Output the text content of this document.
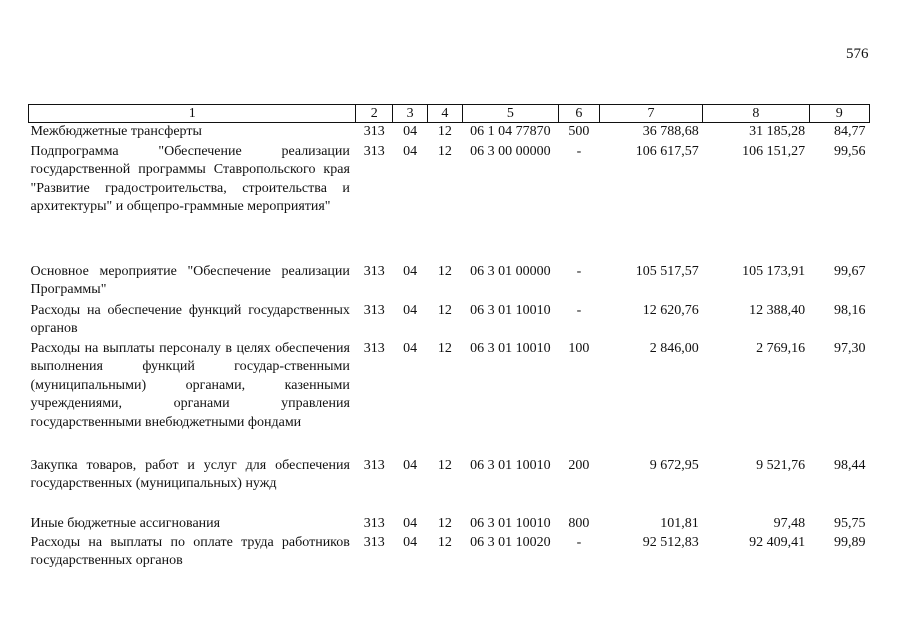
576
1	2	3	4	5	6	7	8	9
Межбюджетные трансферты	313	04	12	06 1 04 77870	500	36 788,68	31 185,28	84,77
Подпрограмма "Обеспечение реализации государственной программы Ставропольского края "Развитие градостроительства, строительства и архитектуры" и общепро-граммные мероприятия"	313	04	12	06 3 00 00000	-	106 617,57	106 151,27	99,56
Основное мероприятие "Обеспечение реализации Программы"	313	04	12	06 3 01 00000	-	105 517,57	105 173,91	99,67
Расходы на обеспечение функций государственных органов	313	04	12	06 3 01 10010	-	12 620,76	12 388,40	98,16
Расходы на выплаты персоналу в целях обеспечения выполнения функций государ-ственными (муниципальными) органами, казенными учреждениями, органами управления государственными внебюджетными фондами	313	04	12	06 3 01 10010	100	2 846,00	2 769,16	97,30
Закупка товаров, работ и услуг для обеспечения государственных (муниципальных) нужд	313	04	12	06 3 01 10010	200	9 672,95	9 521,76	98,44
Иные бюджетные ассигнования	313	04	12	06 3 01 10010	800	101,81	97,48	95,75
Расходы на выплаты по оплате труда работников государственных органов	313	04	12	06 3 01 10020	-	92 512,83	92 409,41	99,89
